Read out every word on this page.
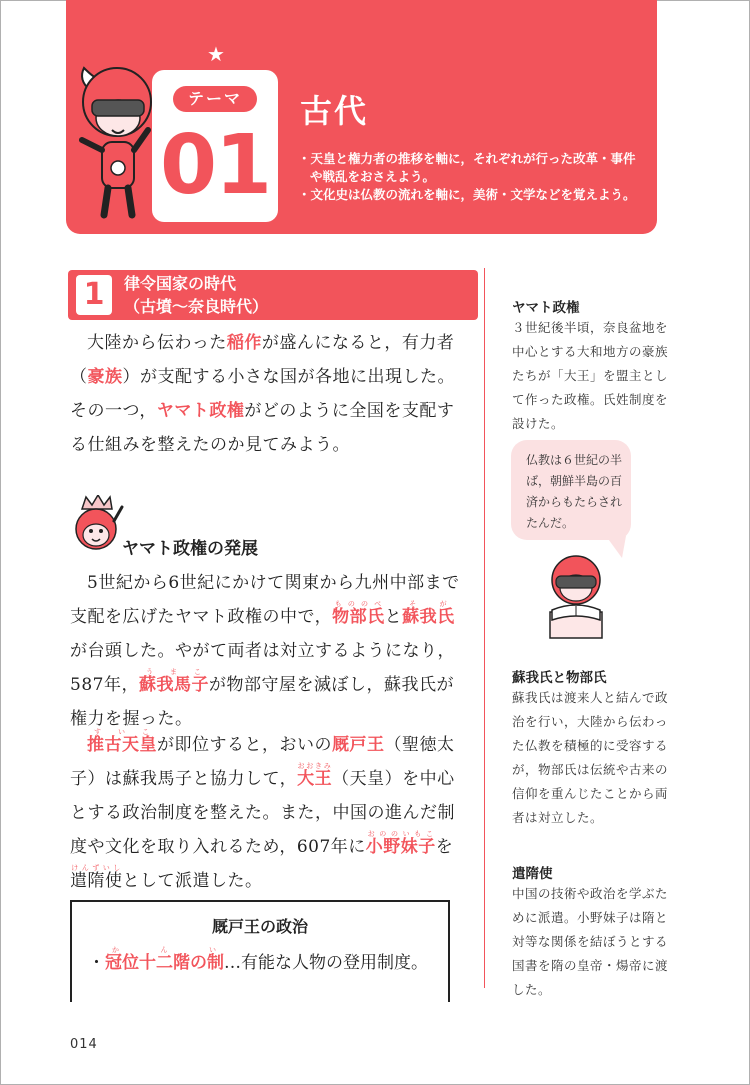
★
テーマ
01
古代
・ 天皇と権力者の推移を軸に，それぞれが行った改革・事件や戦乱をおさえよう。
・ 文化史は仏教の流れを軸に，美術・文学などを覚えよう。
1	律令国家の時代
（古墳～奈良時代）

大陸から伝わった稲作が盛んになると，有力者（豪族）が支配する小さな国が各地に出現した。その一つ，ヤマト政権がどのように全国を支配する仕組みを整えたのか見てみよう。

ヤマト政権の発展

5世紀から6世紀にかけて関東から九州中部まで支配を広げたヤマト政権の中で，物部氏もののべと蘇我氏そがが台頭した。やがて両者は対立するようになり，587年，蘇我馬子うまこが物部守屋を滅ぼし，蘇我氏が権力を握った。

推古天皇すいこが即位すると，おいの厩戸王（聖徳太子）は蘇我馬子と協力して，大王おおきみ（天皇）を中心とする政治制度を整えた。また，中国の進んだ制度や文化を取り入れるため，607年に小野妹子おののいもこを遣隋使けんずいしとして派遣した。

厩戸王の政治
・冠位十二階の制かんい…有能な人物の登用制度。
ヤマト政権

３世紀後半頃，奈良盆地を中心とする大和地方の豪族たちが「大王」を盟主として作った政権。氏姓制度を設けた。

仏教は６世紀の半ば，朝鮮半島の百済からもたらされたんだ。
蘇我氏と物部氏

蘇我氏は渡来人と結んで政治を行い，大陸から伝わった仏教を積極的に受容するが，物部氏は伝統や古来の信仰を重んじたことから両者は対立した。

遣隋使

中国の技術や政治を学ぶために派遣。小野妹子は隋と対等な関係を結ぼうとする国書を隋の皇帝・煬帝に渡した。

014
